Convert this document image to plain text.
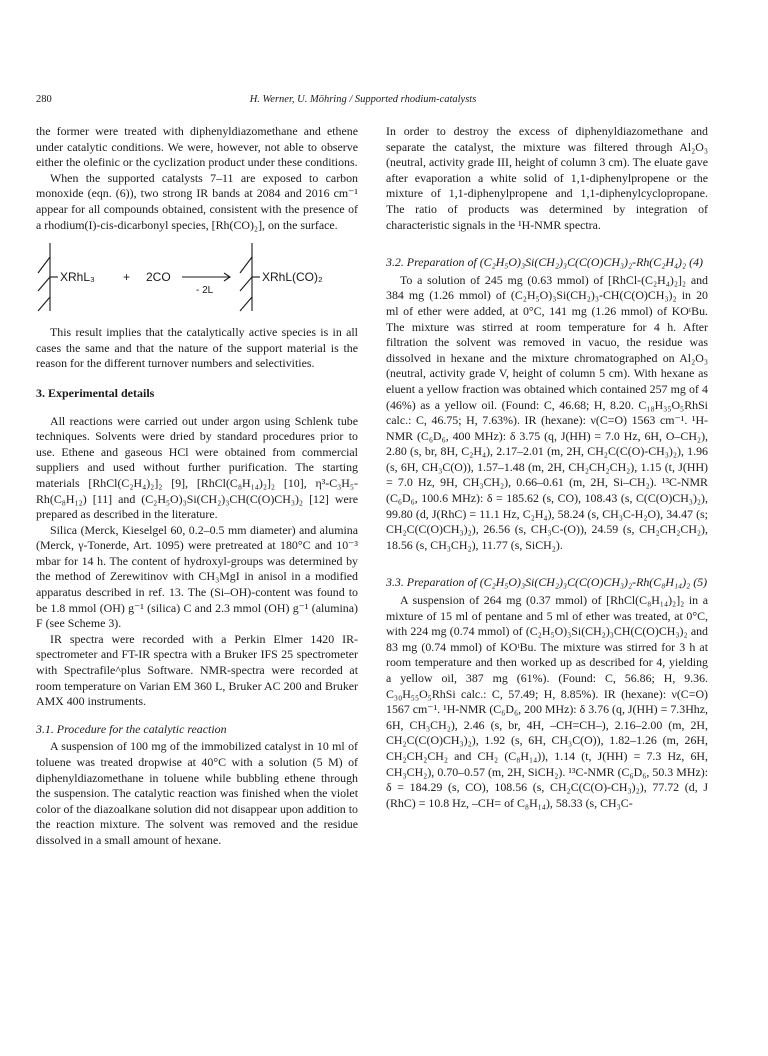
280	H. Werner, U. Möhring / Supported rhodium-catalysts

the former were treated with diphenyldiazomethane and ethene under catalytic conditions. We were, however, not able to observe either the olefinic or the cyclization product under these conditions.

When the supported catalysts 7–11 are exposed to carbon monoxide (eqn. (6)), two strong IR bands at 2084 and 2016 cm⁻¹ appear for all compounds obtained, consistent with the presence of a rhodium(I)-cis-dicarbonyl species, [Rh(CO)₂], on the surface.

XRhL₃ + 2CO
- 2L
XRhL(CO)₂

This result implies that the catalytically active species is in all cases the same and that the nature of the support material is the reason for the different turnover numbers and selectivities.

3. Experimental details

All reactions were carried out under argon using Schlenk tube techniques. Solvents were dried by standard procedures prior to use. Ethene and gaseous HCl were obtained from commercial suppliers and used without further purification. The starting materials [RhCl(C₂H₄)₂]₂ [9], [RhCl(C₈H₁₄)₂]₂ [10], η³-C₃H₅-Rh(C₈H₁₂) [11] and (C₂H₅O)₃Si(CH₂)₃CH(C(O)CH₃)₂ [12] were prepared as described in the literature.

Silica (Merck, Kieselgel 60, 0.2–0.5 mm diameter) and alumina (Merck, γ-Tonerde, Art. 1095) were pretreated at 180°C and 10⁻³ mbar for 14 h. The content of hydroxyl-groups was determined by the method of Zerewitinov with CH₃MgI in anisol in a modified apparatus described in ref. 13. The (Si–OH)-content was found to be 1.8 mmol (OH) g⁻¹ (silica) C and 2.3 mmol (OH) g⁻¹ (alumina) F (see Scheme 3).

IR spectra were recorded with a Perkin Elmer 1420 IR-spectrometer and FT-IR spectra with a Bruker IFS 25 spectrometer with Spectrafile^plus Software. NMR-spectra were recorded at room temperature on Varian EM 360 L, Bruker AC 200 and Bruker AMX 400 instruments.

3.1. Procedure for the catalytic reaction

A suspension of 100 mg of the immobilized catalyst in 10 ml of toluene was treated dropwise at 40°C with a solution (5 M) of diphenyldiazomethane in toluene while bubbling ethene through the suspension. The catalytic reaction was finished when the violet color of the diazoalkane solution did not disappear upon addition to the reaction mixture. The solvent was removed and the residue dissolved in a small amount of hexane.

In order to destroy the excess of diphenyldiazomethane and separate the catalyst, the mixture was filtered through Al₂O₃ (neutral, activity grade III, height of column 3 cm). The eluate gave after evaporation a white solid of 1,1-diphenylpropene or the mixture of 1,1-diphenylpropene and 1,1-diphenylcyclopropane. The ratio of products was determined by integration of characteristic signals in the ¹H-NMR spectra.

3.2. Preparation of (C₂H₅O)₃Si(CH₂)₃C(C(O)CH₃)₂-Rh(C₂H₄)₂ (4)

To a solution of 245 mg (0.63 mmol) of [RhCl-(C₂H₄)₂]₂ and 384 mg (1.26 mmol) of (C₂H₅O)₃Si(CH₂)₃-CH(C(O)CH₃)₂ in 20 ml of ether were added, at 0°C, 141 mg (1.26 mmol) of KOᵗBu. The mixture was stirred at room temperature for 4 h. After filtration the solvent was removed in vacuo, the residue was dissolved in hexane and the mixture chromatographed on Al₂O₃ (neutral, activity grade V, height of column 5 cm). With hexane as eluent a yellow fraction was obtained which contained 257 mg of 4 (46%) as a yellow oil. (Found: C, 46.68; H, 8.20. C₁₈H₃₅O₅RhSi calc.: C, 46.75; H, 7.63%). IR (hexane): ν(C=O) 1563 cm⁻¹. ¹H-NMR (C₆D₆, 400 MHz): δ 3.75 (q, J(HH) = 7.0 Hz, 6H, O–CH₂), 2.80 (s, br, 8H, C₂H₄), 2.17–2.01 (m, 2H, CH₂C(C(O)-CH₃)₂), 1.96 (s, 6H, CH₃C(O)), 1.57–1.48 (m, 2H, CH₂CH₂CH₂), 1.15 (t, J(HH) = 7.0 Hz, 9H, CH₃CH₂), 0.66–0.61 (m, 2H, Si–CH₂). ¹³C-NMR (C₆D₆, 100.6 MHz): δ = 185.62 (s, CO), 108.43 (s, C(C(O)CH₃)₂), 99.80 (d, J(RhC) = 11.1 Hz, C₂H₄), 58.24 (s, CH₃C-H₂O), 34.47 (s; CH₂C(C(O)CH₃)₂), 26.56 (s, CH₃C-(O)), 24.59 (s, CH₂CH₂CH₂), 18.56 (s, CH₃CH₂), 11.77 (s, SiCH₂).

3.3. Preparation of (C₂H₅O)₃Si(CH₂)₃C(C(O)CH₃)₂-Rh(C₈H₁₄)₂ (5)

A suspension of 264 mg (0.37 mmol) of [RhCl(C₈H₁₄)₂]₂ in a mixture of 15 ml of pentane and 5 ml of ether was treated, at 0°C, with 224 mg (0.74 mmol) of (C₂H₅O)₃Si(CH₂)₃CH(C(O)CH₃)₂ and 83 mg (0.74 mmol) of KOᵗBu. The mixture was stirred for 3 h at room temperature and then worked up as described for 4, yielding a yellow oil, 387 mg (61%). (Found: C, 56.86; H, 9.36. C₃₀H₅₅O₅RhSi calc.: C, 57.49; H, 8.85%). IR (hexane): ν(C=O) 1567 cm⁻¹. ¹H-NMR (C₆D₆, 200 MHz): δ 3.76 (q, J(HH) = 7.3Hhz, 6H, CH₃CH₂), 2.46 (s, br, 4H, –CH=CH–), 2.16–2.00 (m, 2H, CH₂C(C(O)CH₃)₂), 1.92 (s, 6H, CH₃C(O)), 1.82–1.26 (m, 26H, CH₂CH₂CH₂ and CH₂ (C₈H₁₄)), 1.14 (t, J(HH) = 7.3 Hz, 6H, CH₃CH₂), 0.70–0.57 (m, 2H, SiCH₂). ¹³C-NMR (C₆D₆, 50.3 MHz): δ = 184.29 (s, CO), 108.56 (s, CH₂C(C(O)-CH₃)₂), 77.72 (d, J (RhC) = 10.8 Hz, –CH= of C₈H₁₄), 58.33 (s, CH₃C-
